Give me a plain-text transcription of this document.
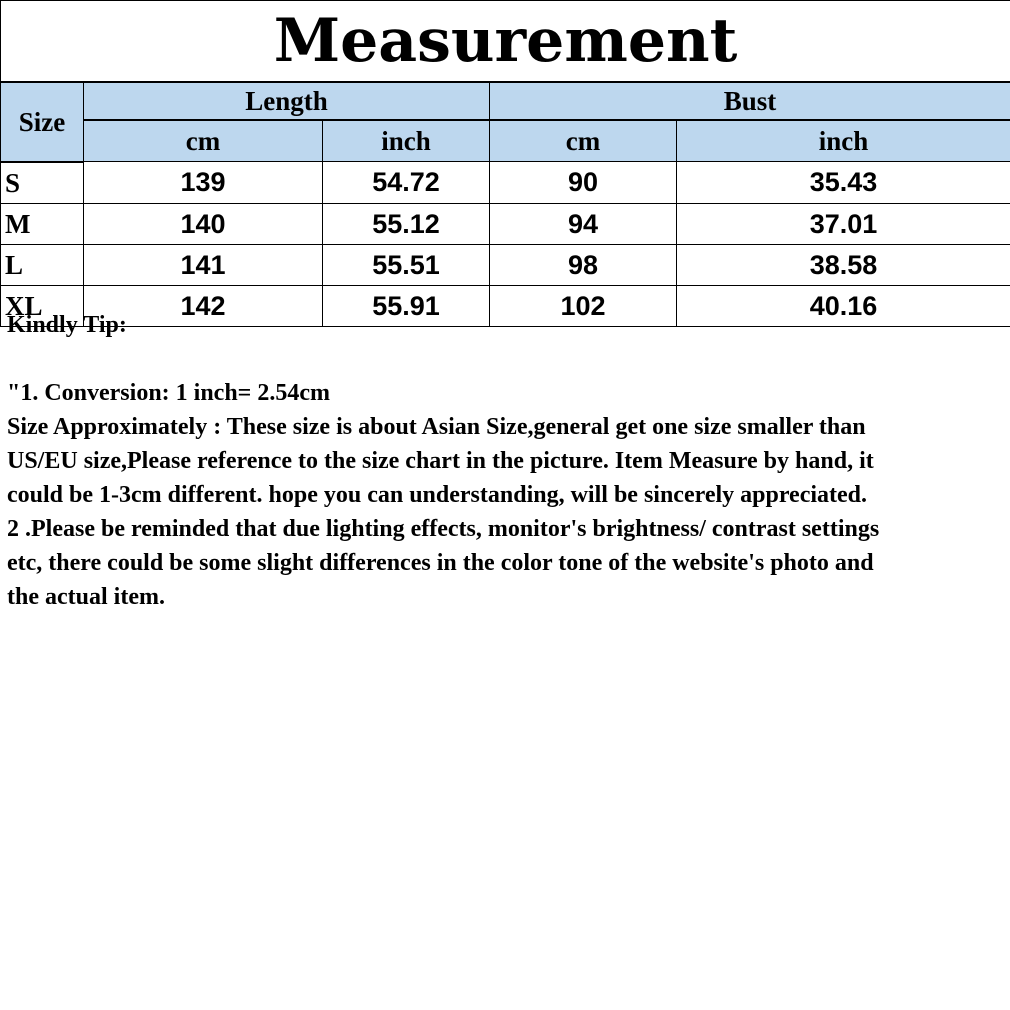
Measurement				
Size	Length		Bust	
	cm	inch	cm	inch
S	139	54.72	90	35.43
M	140	55.12	94	37.01
L	141	55.51	98	38.58
XL	142	55.91	102	40.16

Kindly Tip:

"1. Conversion: 1 inch= 2.54cm

Size Approximately : These size is about Asian Size,general get one size smaller than

US/EU size,Please reference to the size chart in the picture. Item Measure by hand, it

could be 1-3cm different. hope you can understanding, will be sincerely appreciated.

2 .Please be reminded that due lighting effects, monitor's brightness/ contrast settings

etc, there could be some slight differences in the color tone of the website's photo and

the actual item.
